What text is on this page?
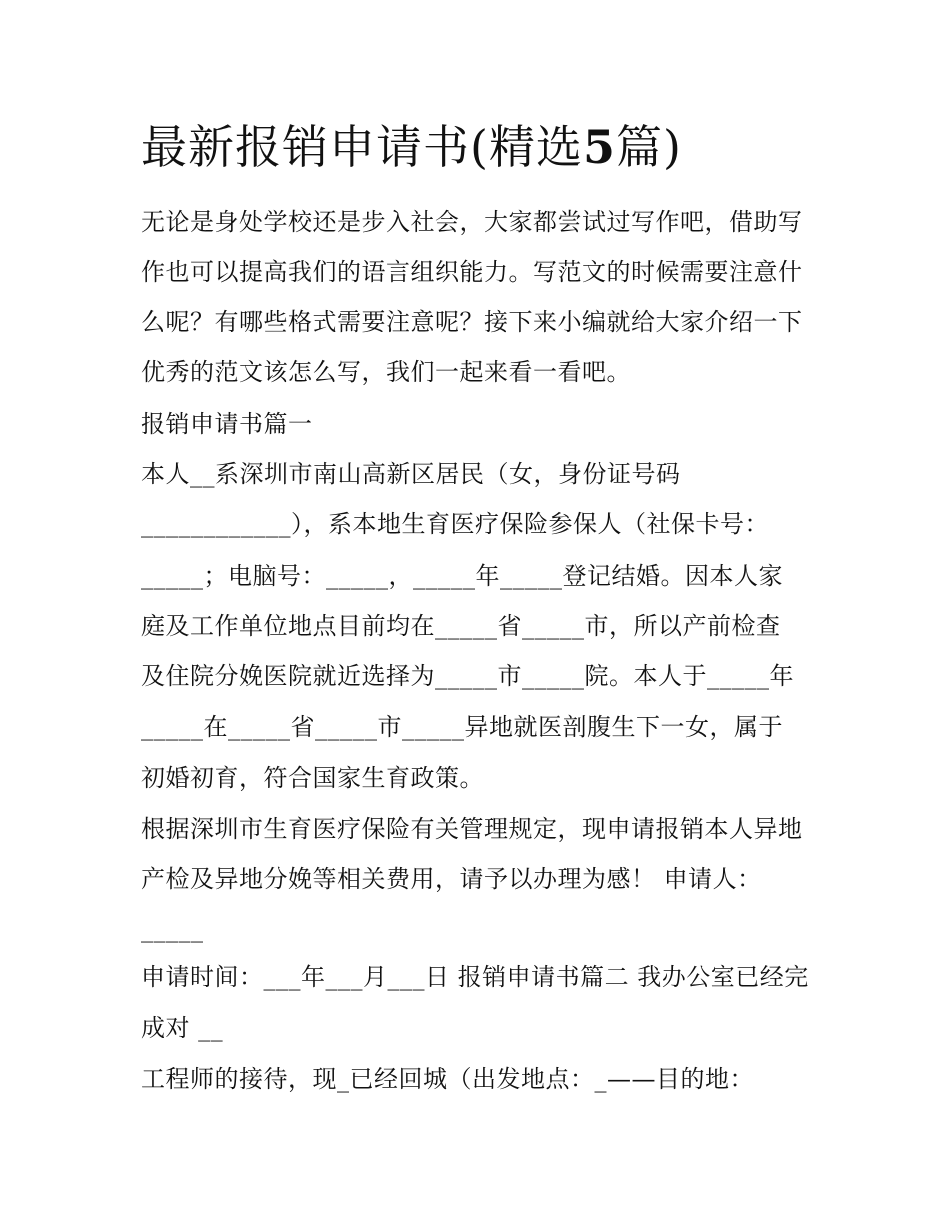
最新报销申请书(精选5篇)
无论是身处学校还是步入社会，大家都尝试过写作吧，借助写
作也可以提高我们的语言组织能力。写范文的时候需要注意什
么呢？有哪些格式需要注意呢？接下来小编就给大家介绍一下
优秀的范文该怎么写，我们一起来看一看吧。
报销申请书篇一
本人__系深圳市南山高新区居民（女，身份证号码
____________），系本地生育医疗保险参保人（社保卡号：
_____；电脑号：_____，_____年_____登记结婚。因本人家
庭及工作单位地点目前均在_____省_____市，所以产前检查
及住院分娩医院就近选择为_____市_____院。本人于_____年
_____在_____省_____市_____异地就医剖腹生下一女，属于
初婚初育，符合国家生育政策。
根据深圳市生育医疗保险有关管理规定，现申请报销本人异地
产检及异地分娩等相关费用，请予以办理为感！ 申请人：
_____
申请时间：___年___月___日 报销申请书篇二 我办公室已经完
成对 __
工程师的接待，现_已经回城（出发地点：_——目的地：
